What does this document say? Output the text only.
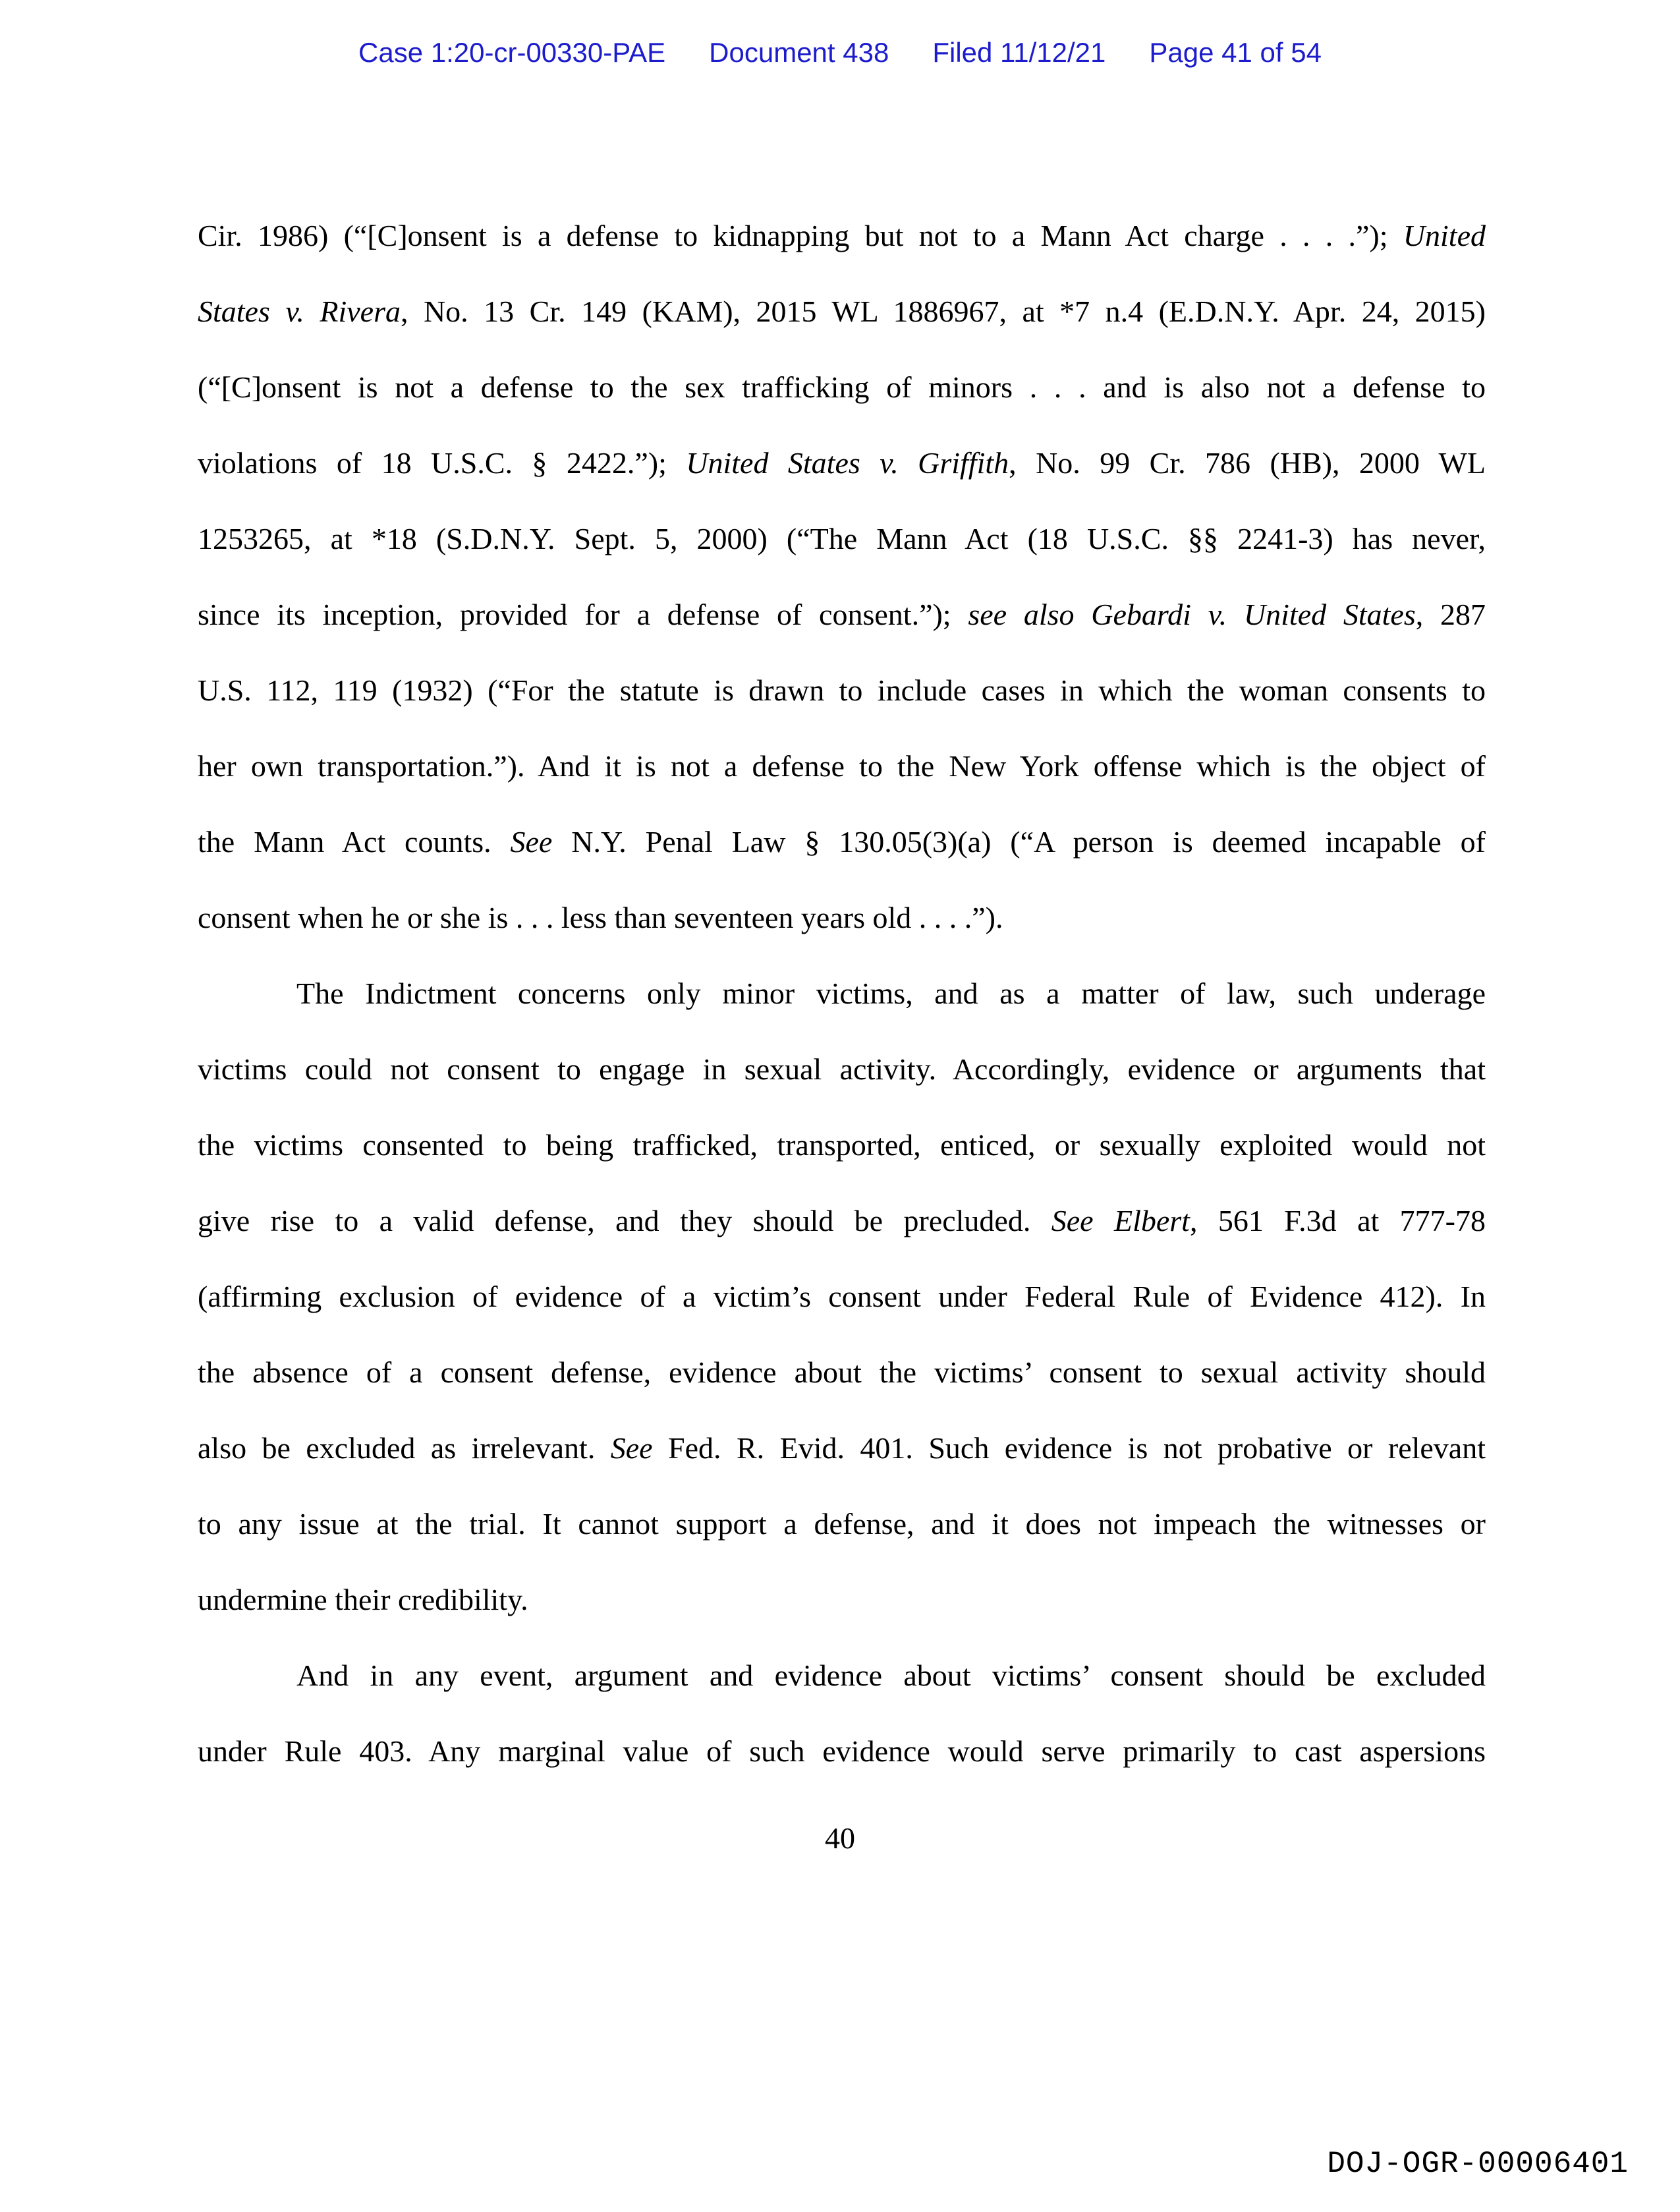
Case 1:20-cr-00330-PAE Document 438 Filed 11/12/21 Page 41 of 54
Cir. 1986) (“[C]onsent is a defense to kidnapping but not to a Mann Act charge . . . .”); United
States v. Rivera, No. 13 Cr. 149 (KAM), 2015 WL 1886967, at *7 n.4 (E.D.N.Y. Apr. 24, 2015)
(“[C]onsent is not a defense to the sex trafficking of minors . . . and is also not a defense to
violations of 18 U.S.C. § 2422.”); United States v. Griffith, No. 99 Cr. 786 (HB), 2000 WL
1253265, at *18 (S.D.N.Y. Sept. 5, 2000) (“The Mann Act (18 U.S.C. §§ 2241-3) has never,
since its inception, provided for a defense of consent.”); see also Gebardi v. United States, 287
U.S. 112, 119 (1932) (“For the statute is drawn to include cases in which the woman consents to
her own transportation.”). And it is not a defense to the New York offense which is the object of
the Mann Act counts. See N.Y. Penal Law § 130.05(3)(a) (“A person is deemed incapable of
consent when he or she is . . . less than seventeen years old . . . .”).
The Indictment concerns only minor victims, and as a matter of law, such underage
victims could not consent to engage in sexual activity. Accordingly, evidence or arguments that
the victims consented to being trafficked, transported, enticed, or sexually exploited would not
give rise to a valid defense, and they should be precluded. See Elbert, 561 F.3d at 777-78
(affirming exclusion of evidence of a victim’s consent under Federal Rule of Evidence 412). In
the absence of a consent defense, evidence about the victims’ consent to sexual activity should
also be excluded as irrelevant. See Fed. R. Evid. 401. Such evidence is not probative or relevant
to any issue at the trial. It cannot support a defense, and it does not impeach the witnesses or
undermine their credibility.
And in any event, argument and evidence about victims’ consent should be excluded
under Rule 403. Any marginal value of such evidence would serve primarily to cast aspersions
40
DOJ-OGR-00006401
